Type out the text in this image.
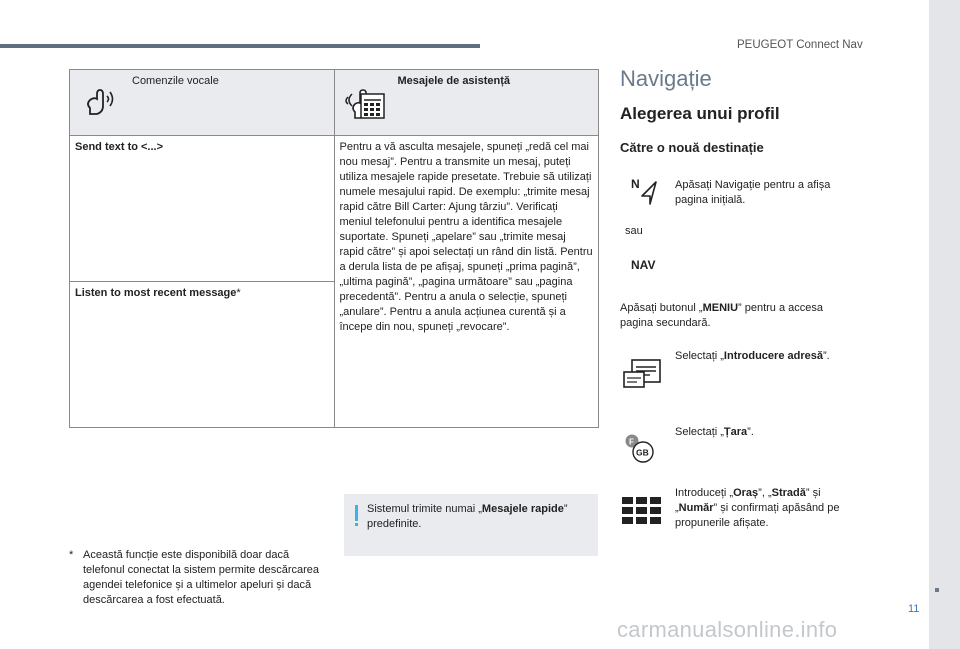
PEUGEOT Connect Nav
11
Comenzile vocale	Mesajele de asistență

Send text to <...>	Pentru a vă asculta mesajele, spuneți „redă cel mai nou mesaj”. Pentru a transmite un mesaj, puteți utiliza mesajele rapide presetate. Trebuie să utilizați numele mesajului rapid. De exemplu: „trimite mesaj rapid către Bill Carter: Ajung târziu”. Verificați meniul telefonului pentru a identifica mesajele suportate. Spuneți „apelare” sau „trimite mesaj rapid către” și apoi selectați un rând din listă. Pentru a derula lista de pe afișaj, spuneți „prima pagină”, „ultima pagină”, „pagina următoare” sau „pagina precedentă”. Pentru a anula o selecție, spuneți „anulare”. Pentru a anula acțiunea curentă și a începe din nou, spuneți „revocare”.
Listen to most recent message*	
Sistemul trimite numai „Mesajele rapide” predefinite.
* Această funcție este disponibilă doar dacă telefonul conectat la sistem permite descărcarea agendei telefonice și a ultimelor apeluri și dacă descărcarea a fost efectuată.
Navigație
Alegerea unui profil
Către o nouă destinație
N	Apăsați Navigație pentru a afișa pagina inițială.
sau
NAV
Apăsați butonul „MENIU” pentru a accesa pagina secundară.
Selectați „Introducere adresă”.
F
GB
Selectați „Țara”.
Introduceți „Oraș”, „Stradă” și „Număr” și confirmați apăsând pe propunerile afișate.
carmanualsonline.info
